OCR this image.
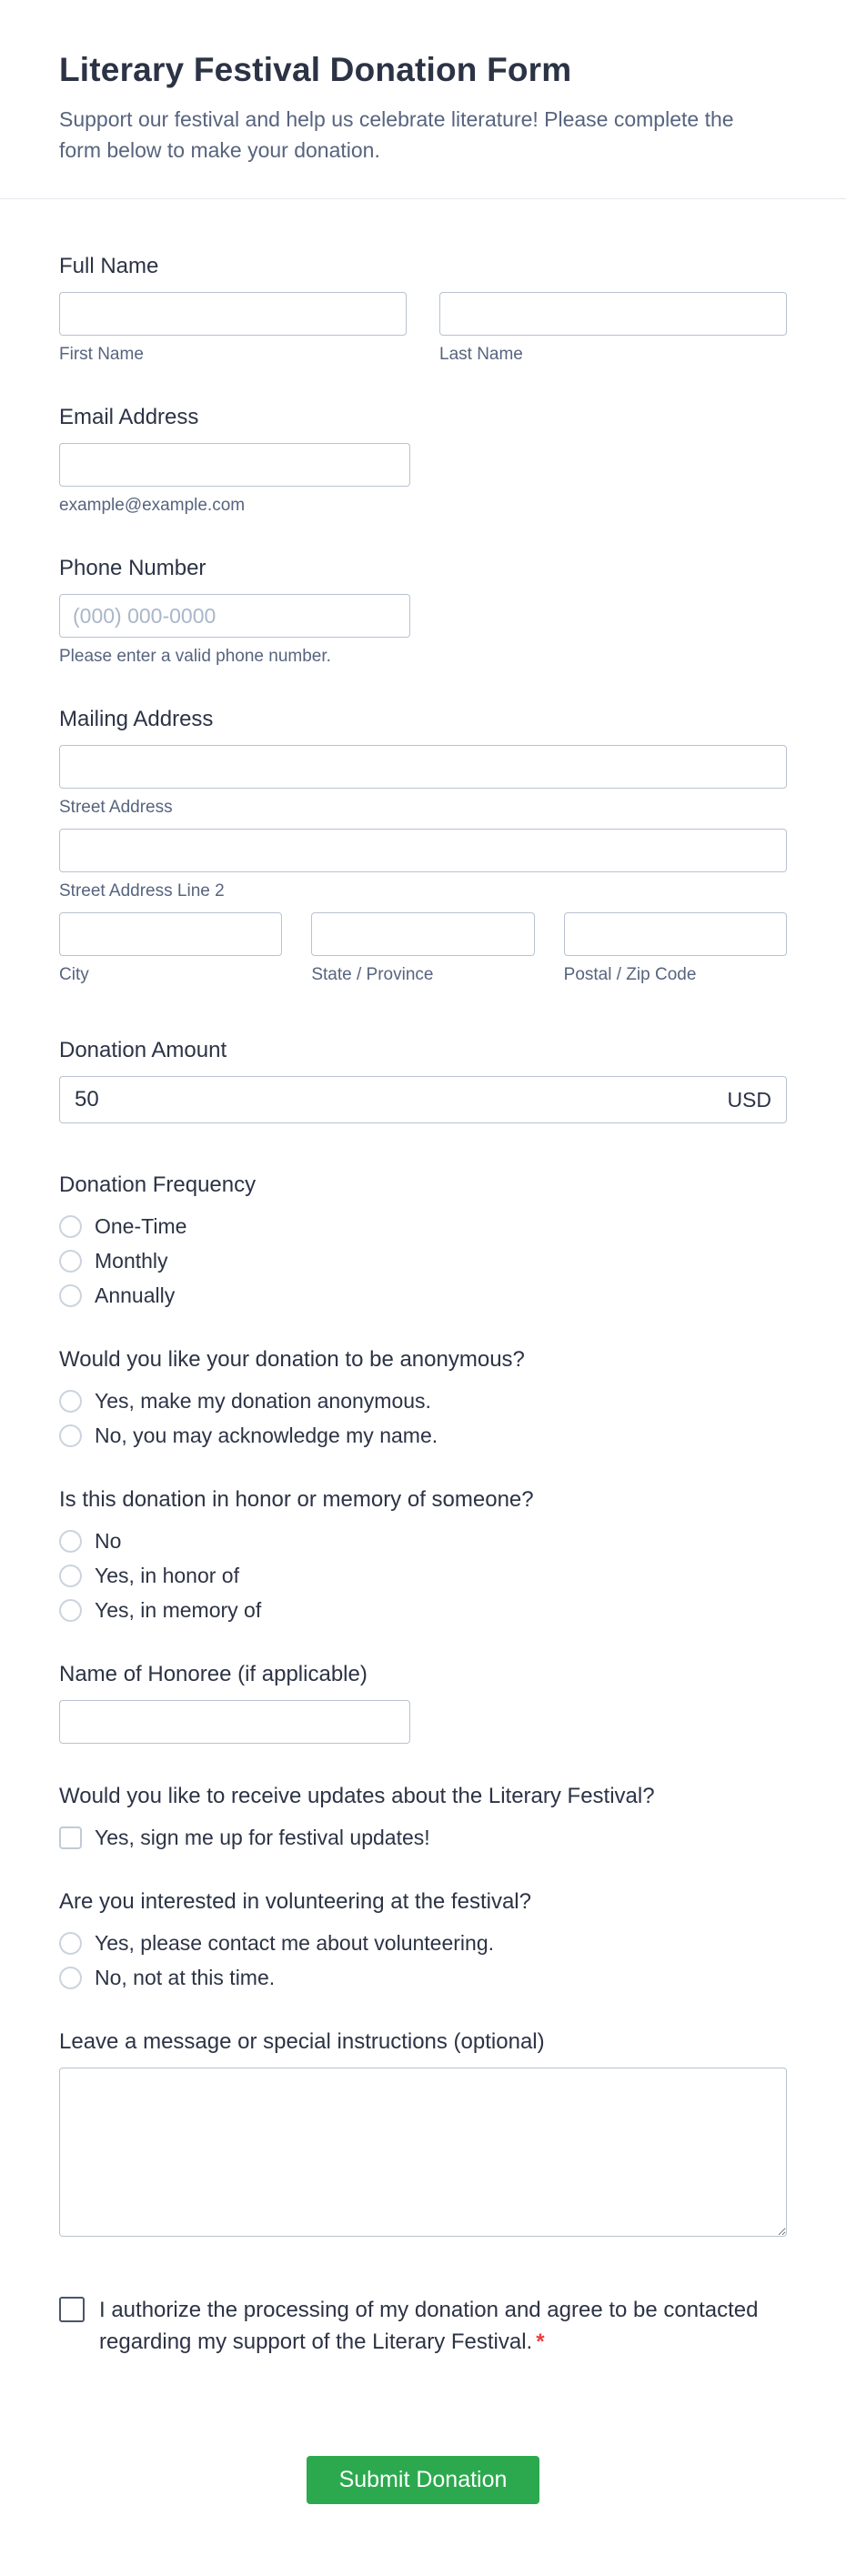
Literary Festival Donation Form
Support our festival and help us celebrate literature! Please complete the form below to make your donation.
Full Name
First Name	Last Name
Email Address
example@example.com
Phone Number
(000) 000-0000
Please enter a valid phone number.
Mailing Address
Street Address
Street Address Line 2
City	State / Province	Postal / Zip Code
Donation Amount
50	USD
Donation Frequency
One-Time
Monthly
Annually
Would you like your donation to be anonymous?
Yes, make my donation anonymous.
No, you may acknowledge my name.
Is this donation in honor or memory of someone?
No
Yes, in honor of
Yes, in memory of
Name of Honoree (if applicable)
Would you like to receive updates about the Literary Festival?
Yes, sign me up for festival updates!
Are you interested in volunteering at the festival?
Yes, please contact me about volunteering.
No, not at this time.
Leave a message or special instructions (optional)
I authorize the processing of my donation and agree to be contacted regarding my support of the Literary Festival. *
Submit Donation
